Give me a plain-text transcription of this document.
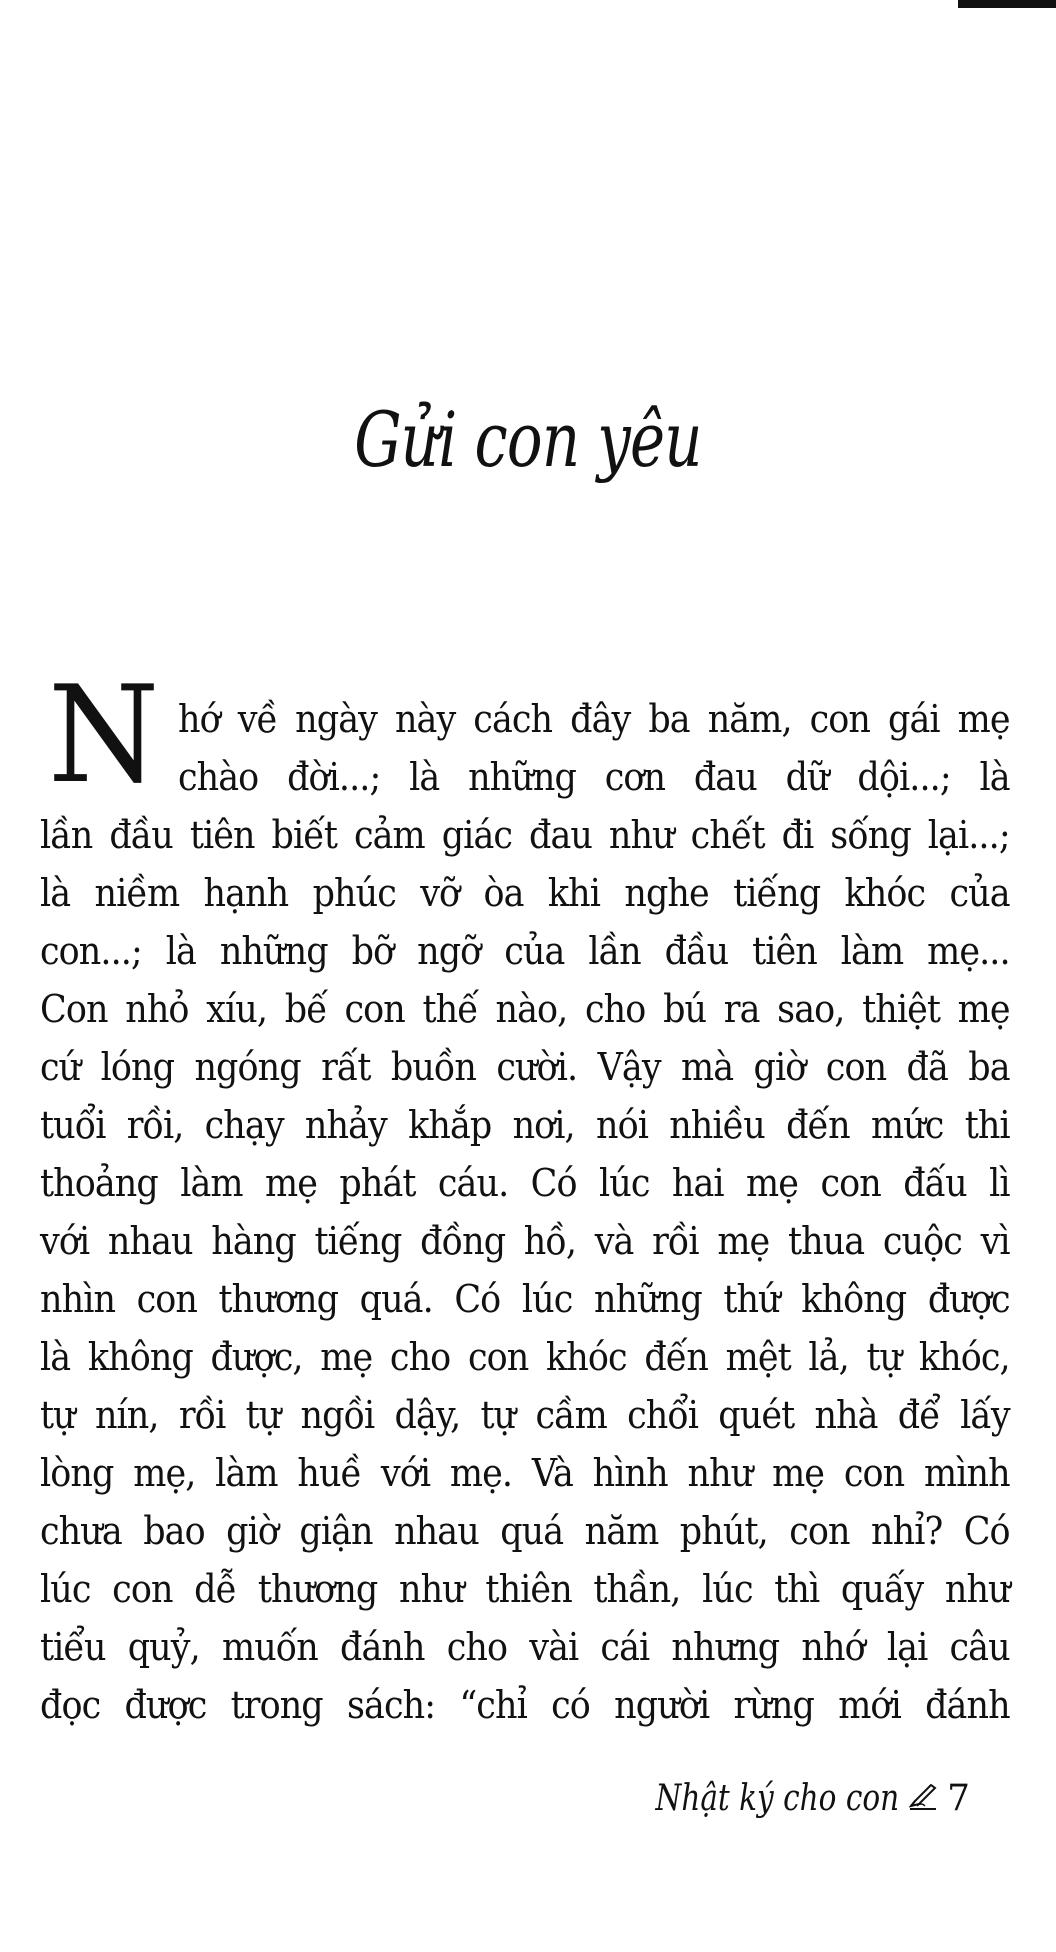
Gửi con yêu
N hớ về ngày này cách đây ba năm, con gái mẹ
chào đời...; là những cơn đau dữ dội...; là
lần đầu tiên biết cảm giác đau như chết đi sống lại...;
là niềm hạnh phúc vỡ òa khi nghe tiếng khóc của
con...; là những bỡ ngỡ của lần đầu tiên làm mẹ...
Con nhỏ xíu, bế con thế nào, cho bú ra sao, thiệt mẹ
cứ lóng ngóng rất buồn cười. Vậy mà giờ con đã ba
tuổi rồi, chạy nhảy khắp nơi, nói nhiều đến mức thi
thoảng làm mẹ phát cáu. Có lúc hai mẹ con đấu lì
với nhau hàng tiếng đồng hồ, và rồi mẹ thua cuộc vì
nhìn con thương quá. Có lúc những thứ không được
là không được, mẹ cho con khóc đến mệt lả, tự khóc,
tự nín, rồi tự ngồi dậy, tự cầm chổi quét nhà để lấy
lòng mẹ, làm huề với mẹ. Và hình như mẹ con mình
chưa bao giờ giận nhau quá năm phút, con nhỉ? Có
lúc con dễ thương như thiên thần, lúc thì quấy như
tiểu quỷ, muốn đánh cho vài cái nhưng nhớ lại câu
đọc được trong sách: “chỉ có người rừng mới đánh
Nhật ký cho con 7
